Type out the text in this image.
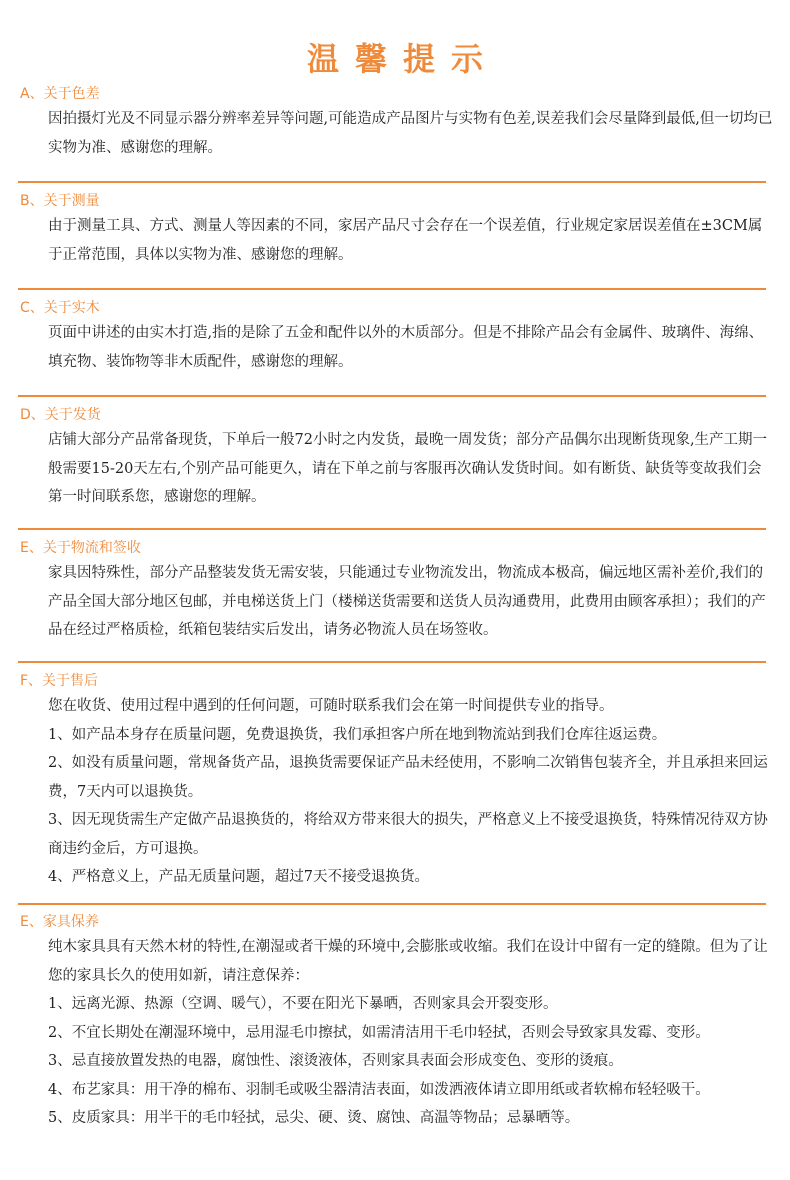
温馨提示
A、关于色差

因拍摄灯光及不同显示器分辨率差异等问题,可能造成产品图片与实物有色差,误差我们会尽量降到最低,但一切均已实物为准、感谢您的理解。

B、关于测量

由于测量工具、方式、测量人等因素的不同，家居产品尺寸会存在一个误差值，行业规定家居误差值在±3CM属于正常范围，具体以实物为准、感谢您的理解。

C、关于实木

页面中讲述的由实木打造,指的是除了五金和配件以外的木质部分。但是不排除产品会有金属件、玻璃件、海绵、填充物、装饰物等非木质配件，感谢您的理解。

D、关于发货

店铺大部分产品常备现货，下单后一般72小时之内发货，最晚一周发货；部分产品偶尔出现断货现象,生产工期一般需要15-20天左右,个别产品可能更久，请在下单之前与客服再次确认发货时间。如有断货、缺货等变故我们会第一时间联系您，感谢您的理解。

E、关于物流和签收

家具因特殊性，部分产品整装发货无需安装，只能通过专业物流发出，物流成本极高，偏远地区需补差价,我们的产品全国大部分地区包邮，并电梯送货上门（楼梯送货需要和送货人员沟通费用，此费用由顾客承担）；我们的产品在经过严格质检，纸箱包装结实后发出，请务必物流人员在场签收。

F、关于售后

您在收货、使用过程中遇到的任何问题，可随时联系我们会在第一时间提供专业的指导。

1、如产品本身存在质量问题，免费退换货，我们承担客户所在地到物流站到我们仓库往返运费。

2、如没有质量问题，常规备货产品，退换货需要保证产品未经使用，不影响二次销售包装齐全，并且承担来回运费，7天内可以退换货。

3、因无现货需生产定做产品退换货的，将给双方带来很大的损失，严格意义上不接受退换货，特殊情况待双方协商违约金后，方可退换。

4、严格意义上，产品无质量问题，超过7天不接受退换货。

E、家具保养

纯木家具具有天然木材的特性,在潮湿或者干燥的环境中,会膨胀或收缩。我们在设计中留有一定的缝隙。但为了让您的家具长久的使用如新，请注意保养：

1、远离光源、热源（空调、暖气），不要在阳光下暴晒，否则家具会开裂变形。

2、不宜长期处在潮湿环境中，忌用湿毛巾擦拭，如需清洁用干毛巾轻拭，否则会导致家具发霉、变形。

3、忌直接放置发热的电器，腐蚀性、滚烫液体，否则家具表面会形成变色、变形的烫痕。

4、布艺家具：用干净的棉布、羽制毛或吸尘器清洁表面，如泼洒液体请立即用纸或者软棉布轻轻吸干。

5、皮质家具：用半干的毛巾轻拭，忌尖、硬、烫、腐蚀、高温等物品；忌暴晒等。
